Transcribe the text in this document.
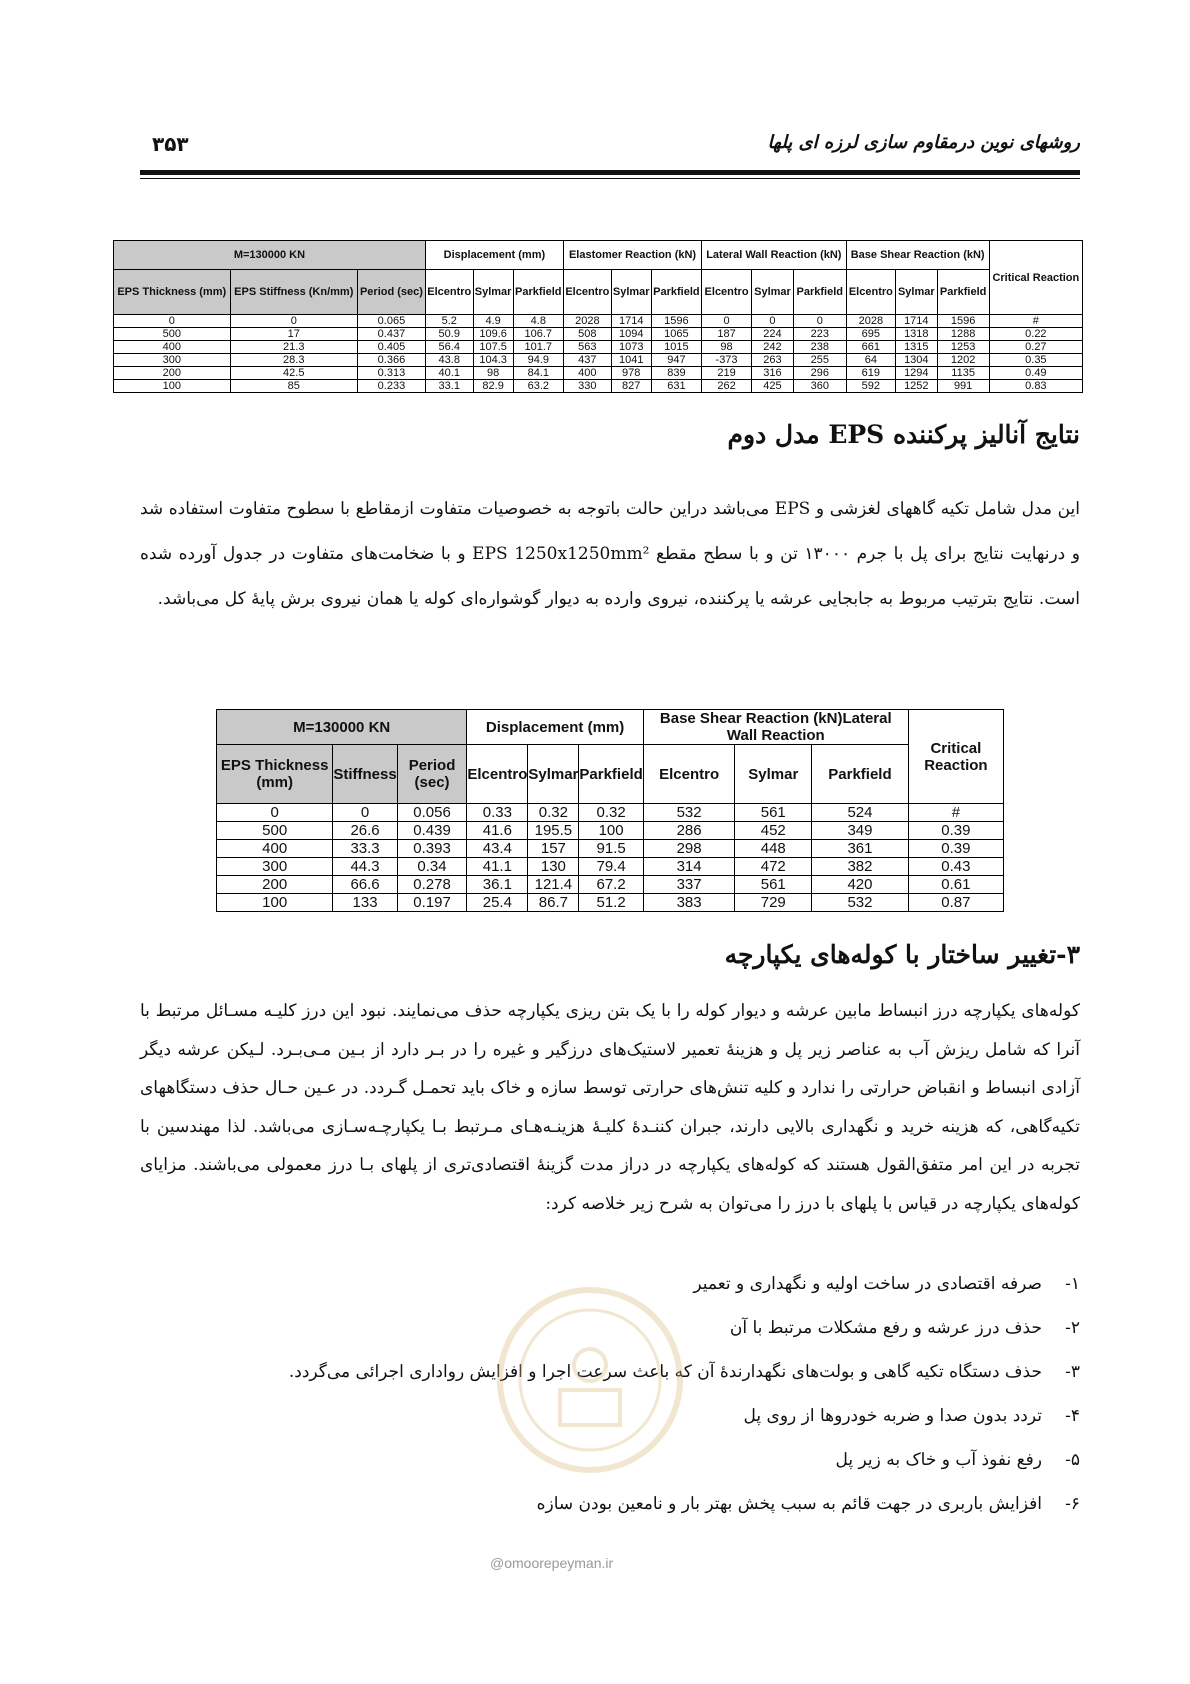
۳۵۳	روشهای نوین درمقاوم سازی لرزه ای پلها
M=130000 KN			Displacement (mm)			Elastomer Reaction (kN)			Lateral Wall Reaction (kN)			Base Shear Reaction (kN)			Critical Reaction
EPS Thickness (mm)	EPS Stiffness (Kn/mm)	Period (sec)	Elcentro	Sylmar	Parkfield	Elcentro	Sylmar	Parkfield	Elcentro	Sylmar	Parkfield	Elcentro	Sylmar	Parkfield	
0	0	0.065	5.2	4.9	4.8	2028	1714	1596	0	0	0	2028	1714	1596	#
500	17	0.437	50.9	109.6	106.7	508	1094	1065	187	224	223	695	1318	1288	0.22
400	21.3	0.405	56.4	107.5	101.7	563	1073	1015	98	242	238	661	1315	1253	0.27
300	28.3	0.366	43.8	104.3	94.9	437	1041	947	-373	263	255	64	1304	1202	0.35
200	42.5	0.313	40.1	98	84.1	400	978	839	219	316	296	619	1294	1135	0.49
100	85	0.233	33.1	82.9	63.2	330	827	631	262	425	360	592	1252	991	0.83
نتایج آنالیز پرکننده EPS مدل دوم

این مدل شامل تکیه گاههای لغزشی و EPS می‌باشد دراین حالت باتوجه به خصوصیات متفاوت ازمقاطع با سطوح متفاوت استفاده شد و درنهایت نتایج برای پل با جرم ۱۳۰۰۰ تن و با سطح مقطع EPS 1250x1250mm² و با ضخامت‌های متفاوت در جدول آورده شده است. نتایج بترتیب مربوط به جابجایی عرشه یا پرکننده، نیروی وارده به دیوار گوشواره‌ای کوله یا همان نیروی برش پایهٔ کل می‌باشد.

M=130000 KN			Displacement (mm)			Base Shear Reaction (kN)Lateral Wall Reaction			Critical Reaction
EPS Thickness (mm)	Stiffness	Period (sec)	Elcentro	Sylmar	Parkfield	Elcentro	Sylmar	Parkfield	
0	0	0.056	0.33	0.32	0.32	532	561	524	#
500	26.6	0.439	41.6	195.5	100	286	452	349	0.39
400	33.3	0.393	43.4	157	91.5	298	448	361	0.39
300	44.3	0.34	41.1	130	79.4	314	472	382	0.43
200	66.6	0.278	36.1	121.4	67.2	337	561	420	0.61
100	133	0.197	25.4	86.7	51.2	383	729	532	0.87
۳-تغییر ساختار با کوله‌های یکپارچه

کوله‌های یکپارچه درز انبساط مابین عرشه و دیوار کوله را با یک بتن ریزی یکپارچه حذف می‌نمایند. نبود این درز کلیـه مسـائل مرتبط با آنرا که شامل ریزش آب به عناصر زیر پل و هزینهٔ تعمیر لاستیک‌های درزگیر و غیره را در بـر دارد از بـین مـی‌بـرد. لـیکن عرشه دیگر آزادی انبساط و انقباض حرارتی را ندارد و کلیه تنش‌های حرارتی توسط سازه و خاک باید تحمـل گـردد. در عـین حـال حذف دستگاههای تکیه‌گاهی، که هزینه خرید و نگهداری بالایی دارند، جبران کننـدهٔ کلیـهٔ هزینـه‌هـای مـرتبط بـا یکپارچـه‌سـازی می‌باشد. لذا مهندسین با تجربه در این امر متفق‌القول هستند که کوله‌های یکپارچه در دراز مدت گزینهٔ اقتصادی‌تری از پلهای بـا درز معمولی می‌باشند. مزایای کوله‌های یکپارچه در قیاس با پلهای با درز را می‌توان به شرح زیر خلاصه کرد:

۱-صرفه اقتصادی در ساخت اولیه و نگهداری و تعمیر
۲-حذف درز عرشه و رفع مشکلات مرتبط با آن
۳-حذف دستگاه تکیه گاهی و بولت‌های نگهدارندهٔ آن که باعث سرعت اجرا و افزایش رواداری اجرائی می‌گردد.
۴-تردد بدون صدا و ضربه خودروها از روی پل
۵-رفع نفوذ آب و خاک به زیر پل
۶-افزایش باربری در جهت قائم به سبب پخش بهتر بار و نامعین بودن سازه
@omoorepeyman.ir
